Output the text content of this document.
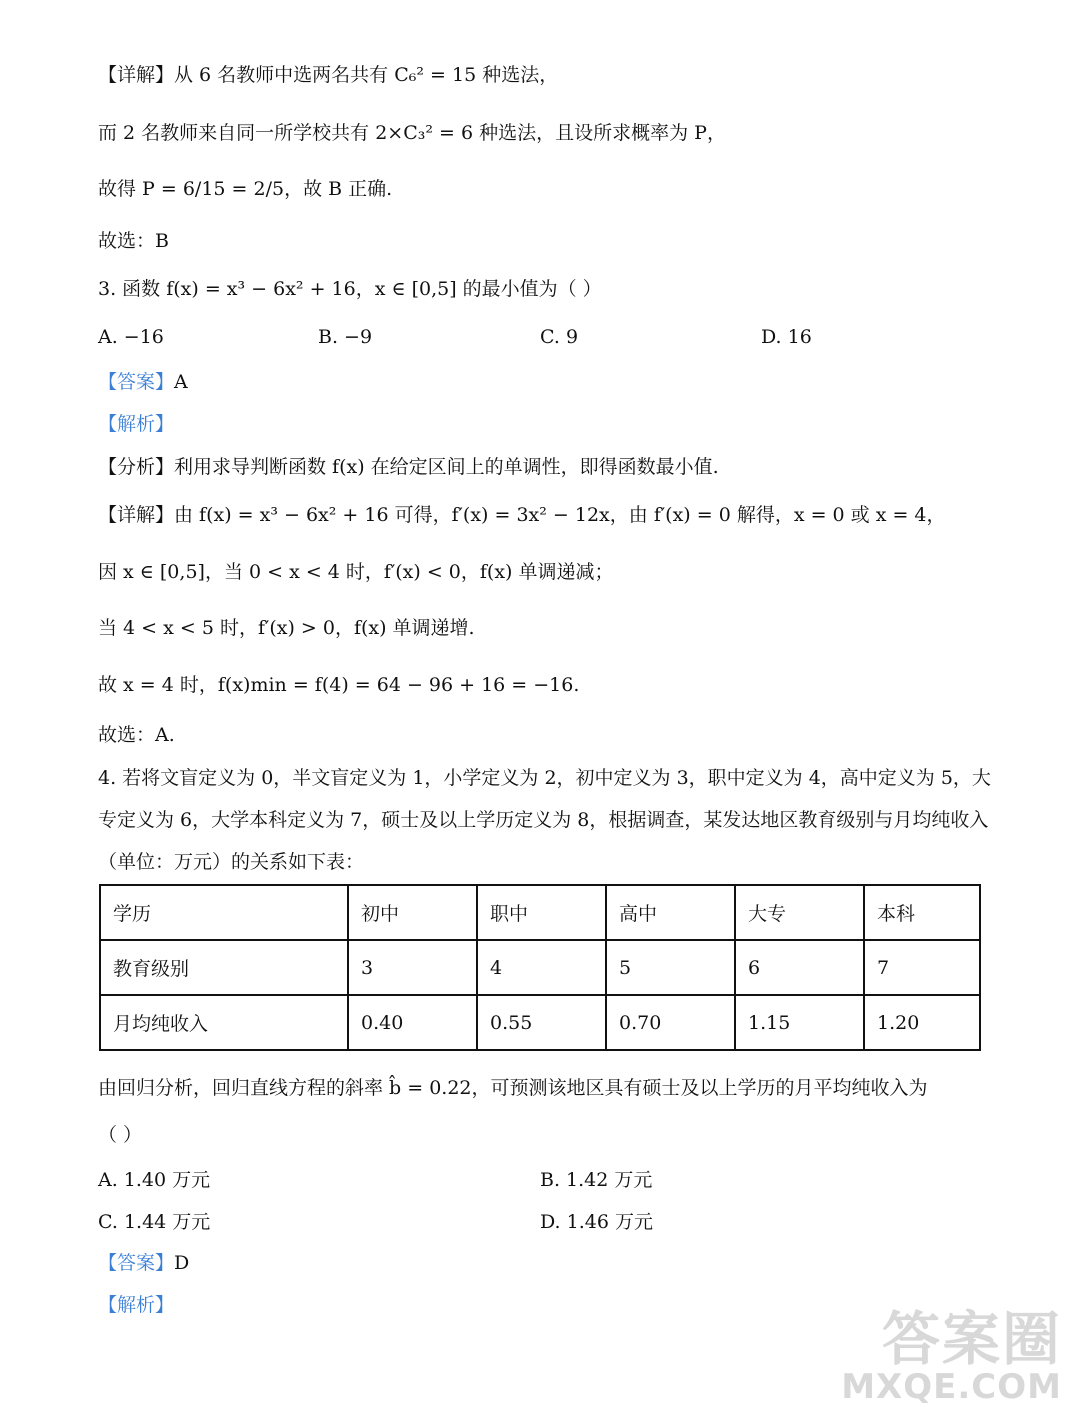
【详解】从 6 名教师中选两名共有 C₆² = 15 种选法，
而 2 名教师来自同一所学校共有 2×C₃² = 6 种选法，且设所求概率为 P，
故得 P = 6/15 = 2/5，故 B 正确.
故选：B
3. 函数 f(x) = x³ − 6x² + 16，x ∈ [0,5] 的最小值为（ ）
A. −16	B. −9	C. 9	D. 16
【答案】A
【解析】
【分析】利用求导判断函数 f(x) 在给定区间上的单调性，即得函数最小值.
【详解】由 f(x) = x³ − 6x² + 16 可得，f′(x) = 3x² − 12x，由 f′(x) = 0 解得，x = 0 或 x = 4，
因 x ∈ [0,5]，当 0 < x < 4 时，f′(x) < 0，f(x) 单调递减；
当 4 < x < 5 时，f′(x) > 0，f(x) 单调递增.
故 x = 4 时，f(x)min = f(4) = 64 − 96 + 16 = −16.
故选：A.
4. 若将文盲定义为 0，半文盲定义为 1，小学定义为 2，初中定义为 3，职中定义为 4，高中定义为 5，大
专定义为 6，大学本科定义为 7，硕士及以上学历定义为 8，根据调查，某发达地区教育级别与月均纯收入
（单位：万元）的关系如下表：
学历	初中	职中	高中	大专	本科
教育级别	3	4	5	6	7
月均纯收入	0.40	0.55	0.70	1.15	1.20
由回归分析，回归直线方程的斜率 b̂ = 0.22，可预测该地区具有硕士及以上学历的月平均纯收入为
（ ）
A. 1.40 万元	B. 1.42 万元
C. 1.44 万元	D. 1.46 万元
【答案】D
【解析】	答案圈
MXQE.COM
